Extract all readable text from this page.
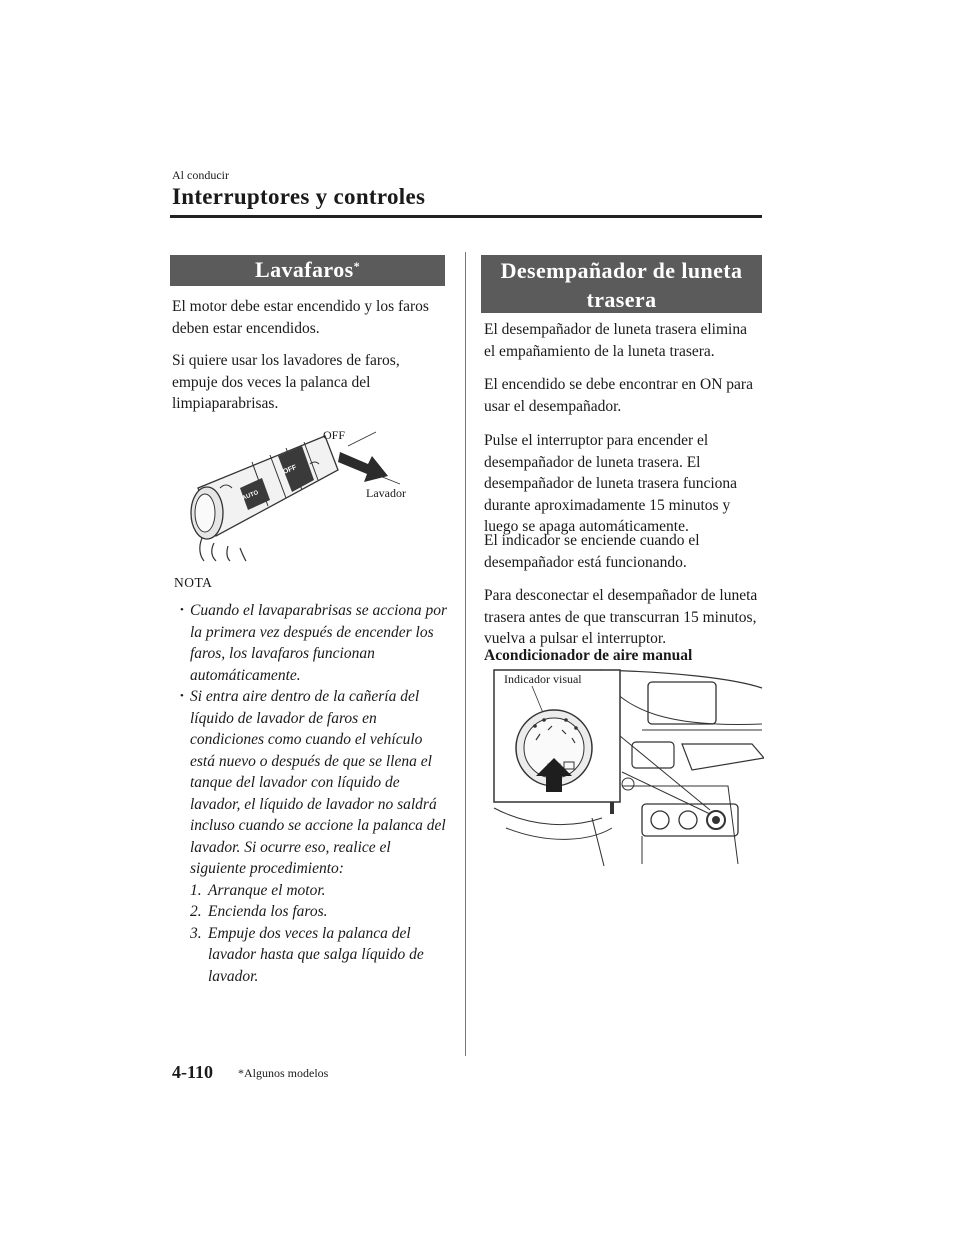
Al conducir
Interruptores y controles
Lavafaros*
El motor debe estar encendido y los faros deben estar encendidos.
Si quiere usar los lavadores de faros, empuje dos veces la palanca del limpiaparabrisas.
OFF
AUTO
OFF
Lavador
NOTA
• Cuando el lavaparabrisas se acciona por la primera vez después de encender los faros, los lavafaros funcionan automáticamente.
• Si entra aire dentro de la cañería del líquido de lavador de faros en condiciones como cuando el vehículo está nuevo o después de que se llena el tanque del lavador con líquido de lavador, el líquido de lavador no saldrá incluso cuando se accione la palanca del lavador. Si ocurre eso, realice el siguiente procedimiento:
1. Arranque el motor.
2. Encienda los faros.
3. Empuje dos veces la palanca del lavador hasta que salga líquido de lavador.
Desempañador de luneta
trasera
El desempañador de luneta trasera elimina el empañamiento de la luneta trasera.
El encendido se debe encontrar en ON para usar el desempañador.
Pulse el interruptor para encender el desempañador de luneta trasera. El desempañador de luneta trasera funciona durante aproximadamente 15 minutos y luego se apaga automáticamente.
El indicador se enciende cuando el desempañador está funcionando.
Para desconectar el desempañador de luneta trasera antes de que transcurran 15 minutos, vuelva a pulsar el interruptor.
Acondicionador de aire manual
Indicador visual
4-110 *Algunos modelos
